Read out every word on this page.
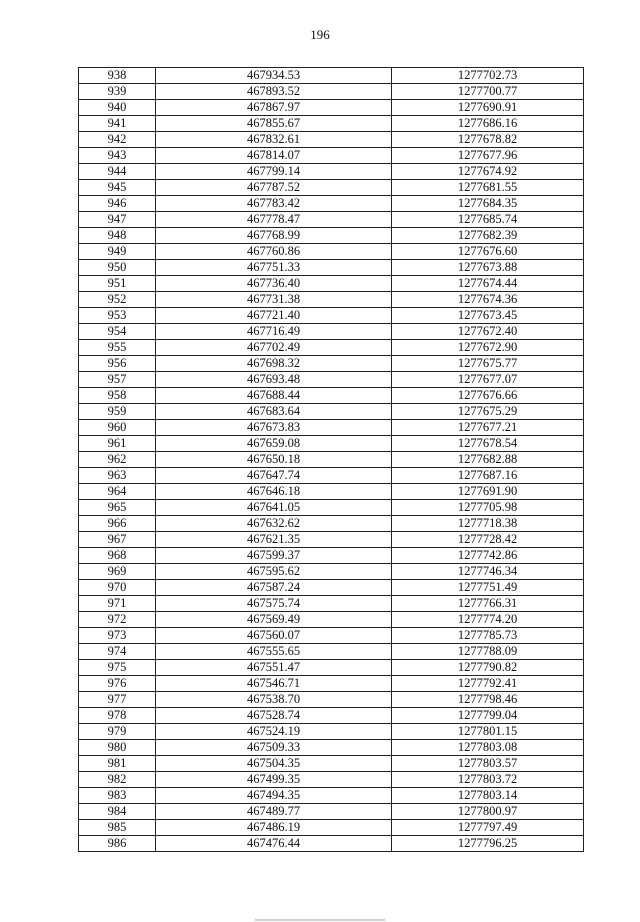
196
938	467934.53	1277702.73
939	467893.52	1277700.77
940	467867.97	1277690.91
941	467855.67	1277686.16
942	467832.61	1277678.82
943	467814.07	1277677.96
944	467799.14	1277674.92
945	467787.52	1277681.55
946	467783.42	1277684.35
947	467778.47	1277685.74
948	467768.99	1277682.39
949	467760.86	1277676.60
950	467751.33	1277673.88
951	467736.40	1277674.44
952	467731.38	1277674.36
953	467721.40	1277673.45
954	467716.49	1277672.40
955	467702.49	1277672.90
956	467698.32	1277675.77
957	467693.48	1277677.07
958	467688.44	1277676.66
959	467683.64	1277675.29
960	467673.83	1277677.21
961	467659.08	1277678.54
962	467650.18	1277682.88
963	467647.74	1277687.16
964	467646.18	1277691.90
965	467641.05	1277705.98
966	467632.62	1277718.38
967	467621.35	1277728.42
968	467599.37	1277742.86
969	467595.62	1277746.34
970	467587.24	1277751.49
971	467575.74	1277766.31
972	467569.49	1277774.20
973	467560.07	1277785.73
974	467555.65	1277788.09
975	467551.47	1277790.82
976	467546.71	1277792.41
977	467538.70	1277798.46
978	467528.74	1277799.04
979	467524.19	1277801.15
980	467509.33	1277803.08
981	467504.35	1277803.57
982	467499.35	1277803.72
983	467494.35	1277803.14
984	467489.77	1277800.97
985	467486.19	1277797.49
986	467476.44	1277796.25
